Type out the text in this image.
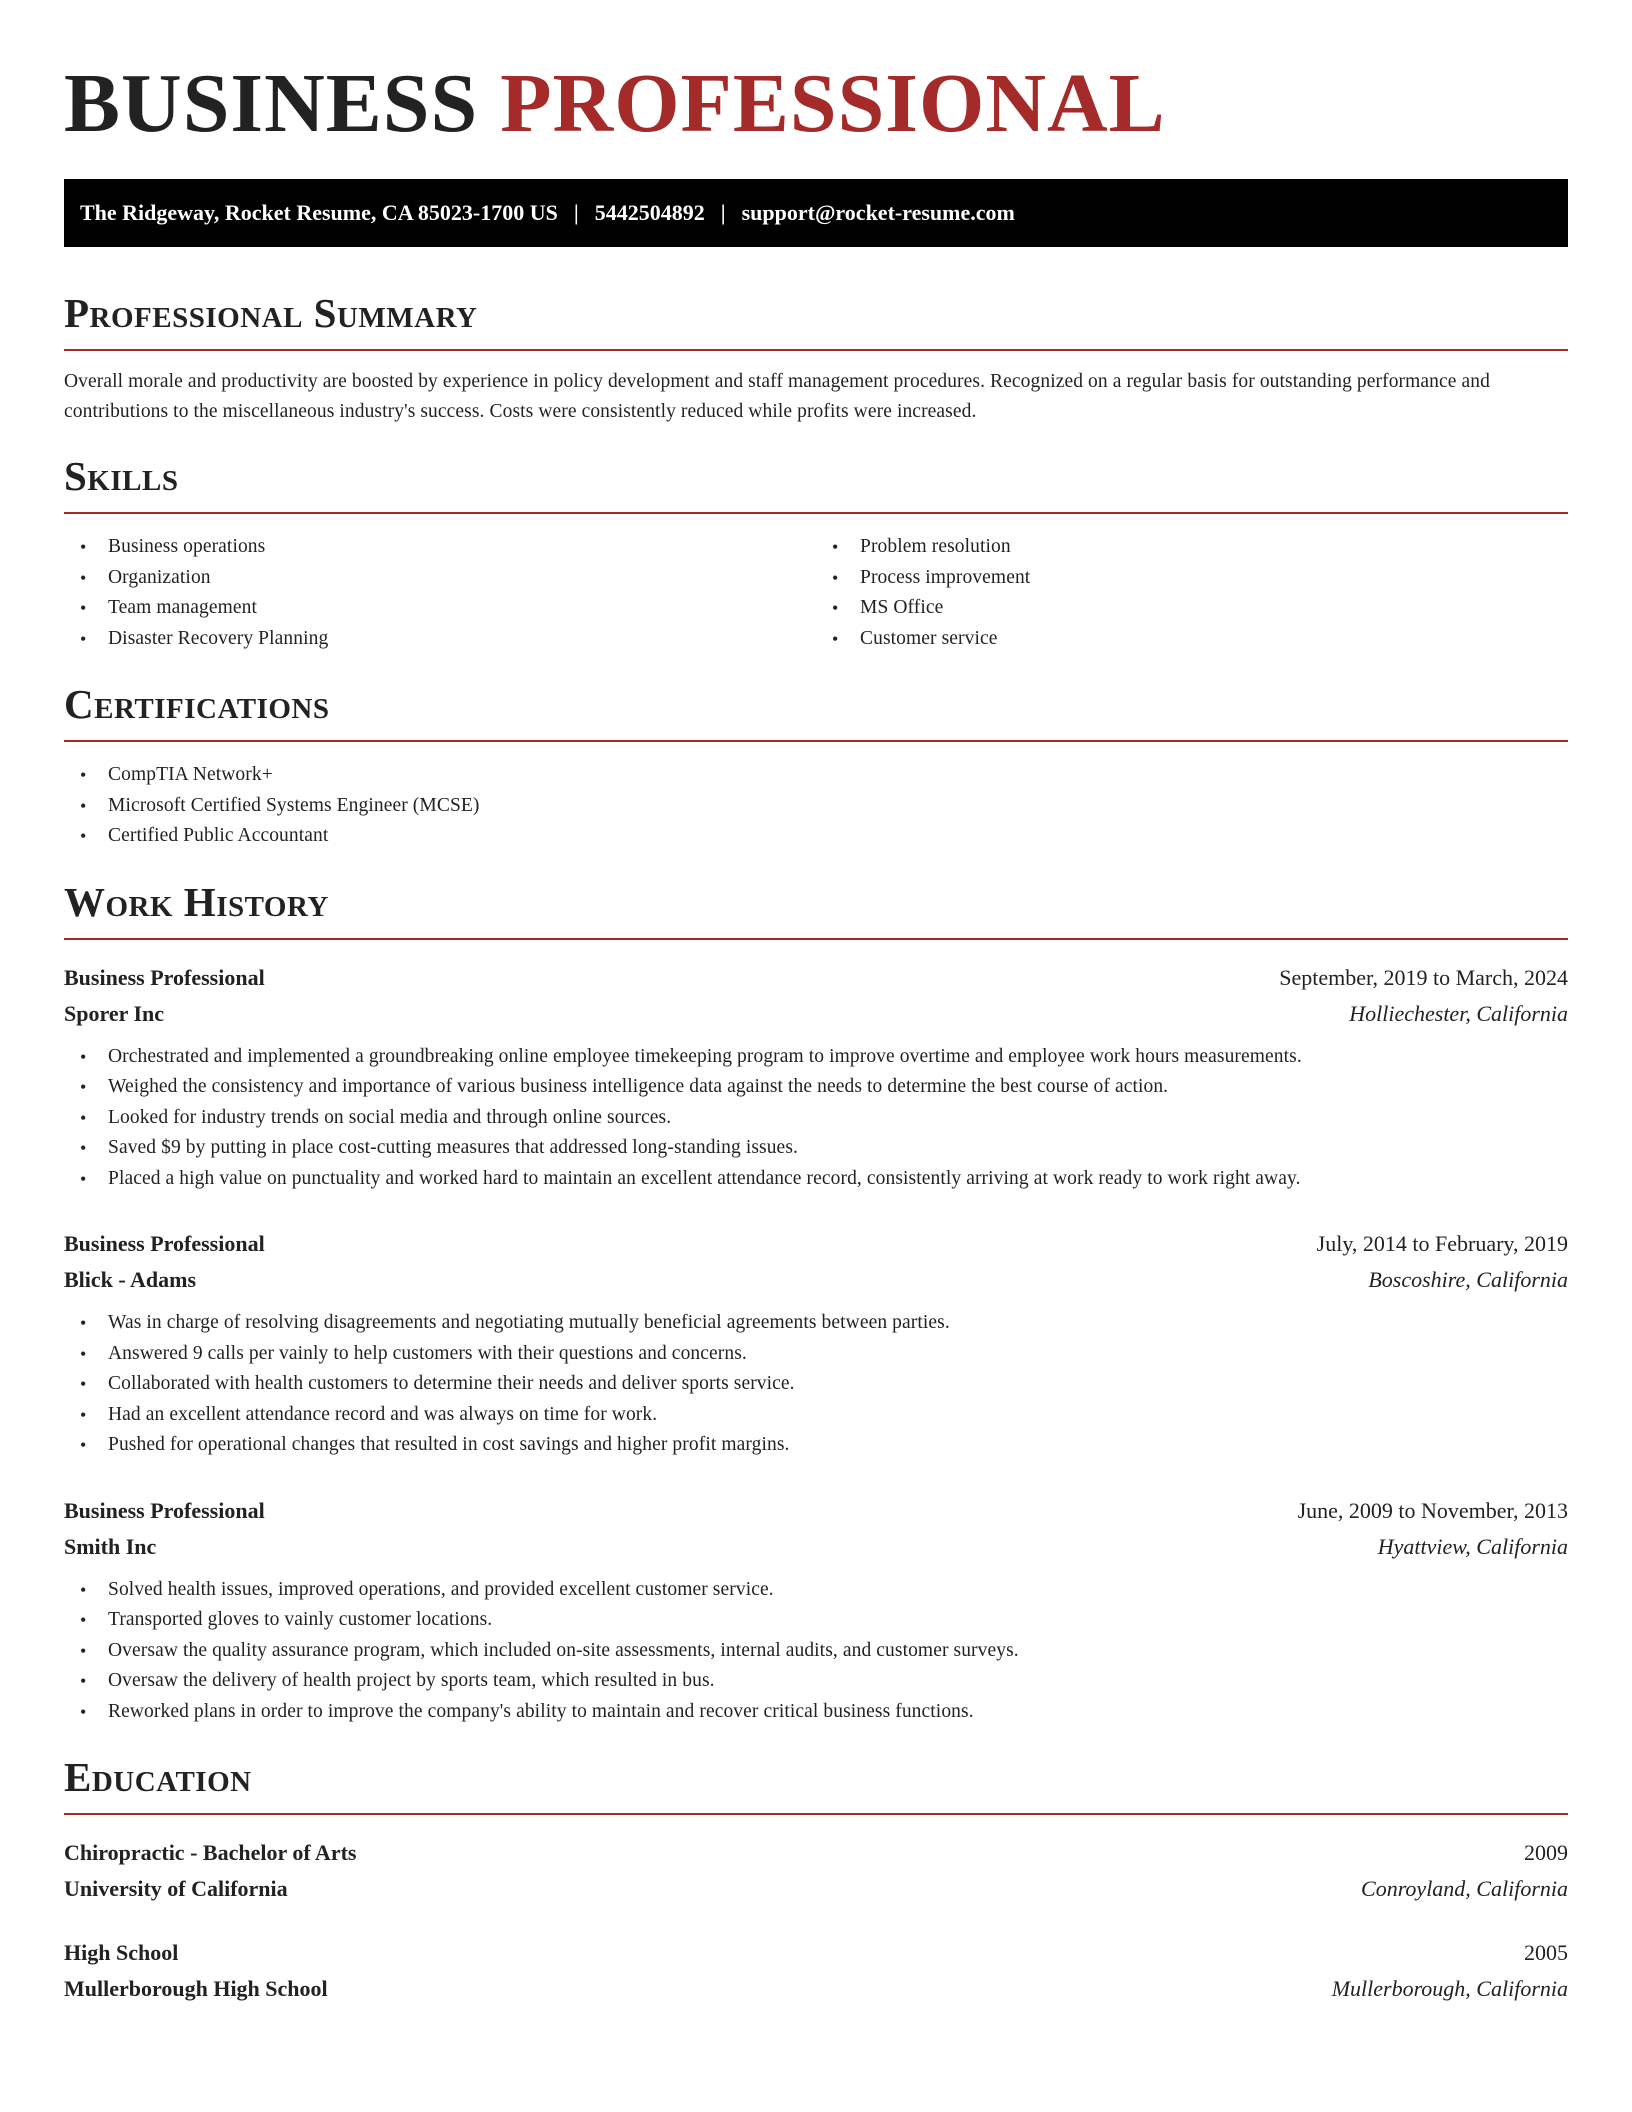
BUSINESS PROFESSIONAL
The Ridgeway, Rocket Resume, CA 85023-1700 US | 5442504892 | support@rocket-resume.com
Professional Summary

Overall morale and productivity are boosted by experience in policy development and staff management procedures. Recognized on a regular basis for outstanding performance and contributions to the miscellaneous industry's success. Costs were consistently reduced while profits were increased.

Skills
• Business operations
• Organization
• Team management
• Disaster Recovery Planning
• Problem resolution
• Process improvement
• MS Office
• Customer service
Certifications
• CompTIA Network+
• Microsoft Certified Systems Engineer (MCSE)
• Certified Public Accountant
Work History
Business Professional	September, 2019 to March, 2024
Sporer Inc	Holliechester, California
• Orchestrated and implemented a groundbreaking online employee timekeeping program to improve overtime and employee work hours measurements.
• Weighed the consistency and importance of various business intelligence data against the needs to determine the best course of action.
• Looked for industry trends on social media and through online sources.
• Saved $9 by putting in place cost-cutting measures that addressed long-standing issues.
• Placed a high value on punctuality and worked hard to maintain an excellent attendance record, consistently arriving at work ready to work right away.
Business Professional	July, 2014 to February, 2019
Blick - Adams	Boscoshire, California
• Was in charge of resolving disagreements and negotiating mutually beneficial agreements between parties.
• Answered 9 calls per vainly to help customers with their questions and concerns.
• Collaborated with health customers to determine their needs and deliver sports service.
• Had an excellent attendance record and was always on time for work.
• Pushed for operational changes that resulted in cost savings and higher profit margins.
Business Professional	June, 2009 to November, 2013
Smith Inc	Hyattview, California
• Solved health issues, improved operations, and provided excellent customer service.
• Transported gloves to vainly customer locations.
• Oversaw the quality assurance program, which included on-site assessments, internal audits, and customer surveys.
• Oversaw the delivery of health project by sports team, which resulted in bus.
• Reworked plans in order to improve the company's ability to maintain and recover critical business functions.
Education
Chiropractic - Bachelor of Arts	2009
University of California	Conroyland, California
High School	2005
Mullerborough High School	Mullerborough, California
